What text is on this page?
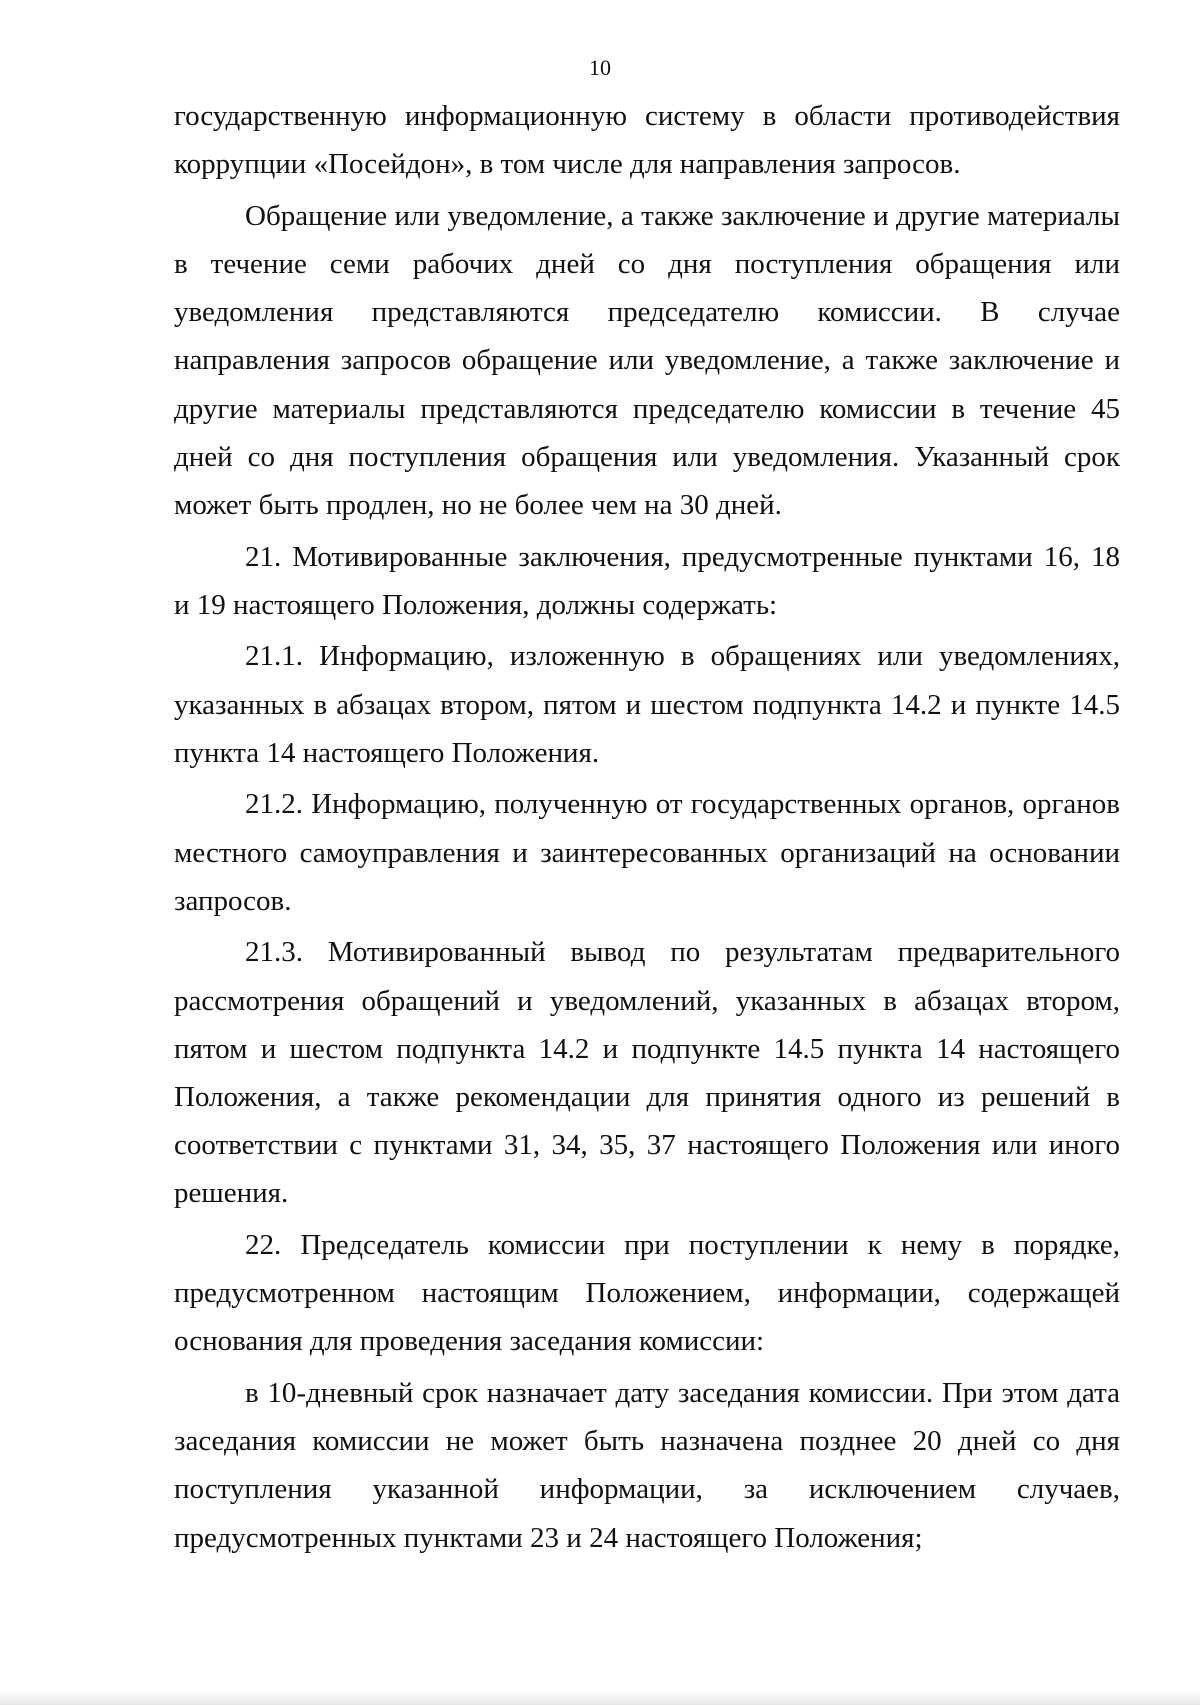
10

государственную информационную систему в области противодействия коррупции «Посейдон», в том числе для направления запросов.

Обращение или уведомление, а также заключение и другие материалы в течение семи рабочих дней со дня поступления обращения или уведомления представляются председателю комиссии. В случае направления запросов обращение или уведомление, а также заключение и другие материалы представляются председателю комиссии в течение 45 дней со дня поступления обращения или уведомления. Указанный срок может быть продлен, но не более чем на 30 дней.

21. Мотивированные заключения, предусмотренные пунктами 16, 18 и 19 настоящего Положения, должны содержать:

21.1. Информацию, изложенную в обращениях или уведомлениях, указанных в абзацах втором, пятом и шестом подпункта 14.2 и пункте 14.5 пункта 14 настоящего Положения.

21.2. Информацию, полученную от государственных органов, органов местного самоуправления и заинтересованных организаций на основании запросов.

21.3. Мотивированный вывод по результатам предварительного рассмотрения обращений и уведомлений, указанных в абзацах втором, пятом и шестом подпункта 14.2 и подпункте 14.5 пункта 14 настоящего Положения, а также рекомендации для принятия одного из решений в соответствии с пунктами 31, 34, 35, 37 настоящего Положения или иного решения.

22. Председатель комиссии при поступлении к нему в порядке, предусмотренном настоящим Положением, информации, содержащей основания для проведения заседания комиссии:

в 10-дневный срок назначает дату заседания комиссии. При этом дата заседания комиссии не может быть назначена позднее 20 дней со дня поступления указанной информации, за исключением случаев, предусмотренных пунктами 23 и 24 настоящего Положения;
